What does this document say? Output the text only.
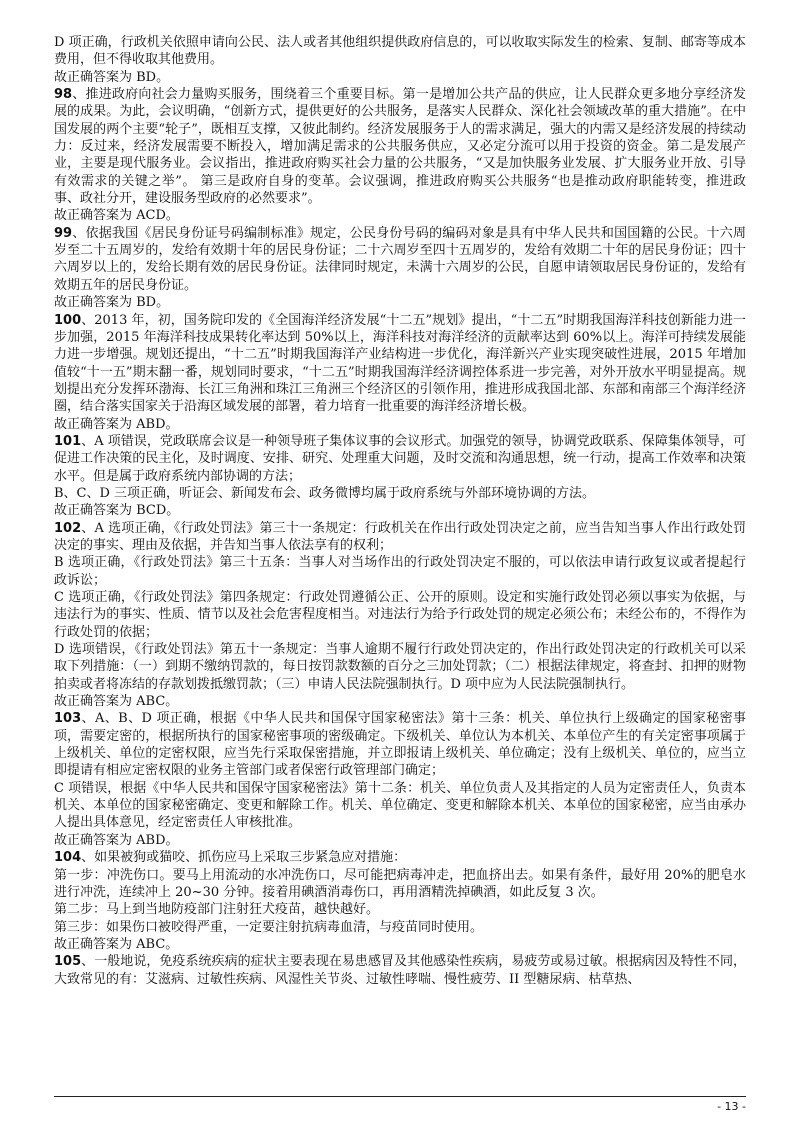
D 项正确，行政机关依照申请向公民、法人或者其他组织提供政府信息的，可以收取实际发生的检索、复制、邮寄等成本费用，但不得收取其他费用。

故正确答案为 BD。

98、推进政府向社会力量购买服务，围绕着三个重要目标。第一是增加公共产品的供应，让人民群众更多地分享经济发展的成果。为此，会议明确，“创新方式，提供更好的公共服务，是落实人民群众、深化社会领域改革的重大措施”。在中国发展的两个主要“轮子”，既相互支撑，又彼此制约。经济发展服务于人的需求满足，强大的内需又是经济发展的持续动力：反过来，经济发展需要不断投入，增加满足需求的公共服务供应，又必定分流可以用于投资的资金。第二是发展产业，主要是现代服务业。会议指出，推进政府购买社会力量的公共服务，“又是加快服务业发展、扩大服务业开放、引导有效需求的关键之举”。 第三是政府自身的变革。会议强调，推进政府购买公共服务“也是推动政府职能转变，推进政事、政社分开，建设服务型政府的必然要求”。

故正确答案为 ACD。

99、依据我国《居民身份证号码编制标准》规定，公民身份号码的编码对象是具有中华人民共和国国籍的公民。十六周岁至二十五周岁的，发给有效期十年的居民身份证；二十六周岁至四十五周岁的，发给有效期二十年的居民身份证；四十六周岁以上的，发给长期有效的居民身份证。法律同时规定，未满十六周岁的公民，自愿申请领取居民身份证的，发给有效期五年的居民身份证。

故正确答案为 BD。

100、2013 年，初，国务院印发的《全国海洋经济发展“十二五”规划》提出，“十二五”时期我国海洋科技创新能力进一步加强，2015 年海洋科技成果转化率达到 50%以上，海洋科技对海洋经济的贡献率达到 60%以上。海洋可持续发展能力进一步增强。规划还提出，“十二五”时期我国海洋产业结构进一步优化，海洋新兴产业实现突破性进展，2015 年增加值较“十一五”期末翻一番，规划同时要求，“十二五”时期我国海洋经济调控体系进一步完善，对外开放水平明显提高。规划提出充分发挥环渤海、长江三角洲和珠江三角洲三个经济区的引领作用，推进形成我国北部、东部和南部三个海洋经济圈，结合落实国家关于沿海区域发展的部署，着力培育一批重要的海洋经济增长极。

故正确答案为 ABD。

101、A 项错误，党政联席会议是一种领导班子集体议事的会议形式。加强党的领导，协调党政联系、保障集体领导，可促进工作决策的民主化，及时调度、安排、研究、处理重大问题，及时交流和沟通思想，统一行动，提高工作效率和决策水平。但是属于政府系统内部协调的方法；

B、C、D 三项正确，听证会、新闻发布会、政务微博均属于政府系统与外部环境协调的方法。

故正确答案为 BCD。

102、A 选项正确，《行政处罚法》第三十一条规定：行政机关在作出行政处罚决定之前，应当告知当事人作出行政处罚决定的事实、理由及依据，并告知当事人依法享有的权利；

B 选项正确，《行政处罚法》第三十五条：当事人对当场作出的行政处罚决定不服的，可以依法申请行政复议或者提起行政诉讼；

C 选项正确，《行政处罚法》第四条规定：行政处罚遵循公正、公开的原则。设定和实施行政处罚必须以事实为依据，与违法行为的事实、性质、情节以及社会危害程度相当。对违法行为给予行政处罚的规定必须公布；未经公布的，不得作为行政处罚的依据；

D 选项错误，《行政处罚法》第五十一条规定：当事人逾期不履行行政处罚决定的，作出行政处罚决定的行政机关可以采取下列措施：（一）到期不缴纳罚款的，每日按罚款数额的百分之三加处罚款；（二）根据法律规定，将查封、扣押的财物拍卖或者将冻结的存款划拨抵缴罚款；（三）申请人民法院强制执行。D 项中应为人民法院强制执行。

故正确答案为 ABC。

103、A、B、D 项正确，根据《中华人民共和国保守国家秘密法》第十三条：机关、单位执行上级确定的国家秘密事项，需要定密的，根据所执行的国家秘密事项的密级确定。下级机关、单位认为本机关、本单位产生的有关定密事项属于上级机关、单位的定密权限，应当先行采取保密措施，并立即报请上级机关、单位确定；没有上级机关、单位的，应当立即提请有相应定密权限的业务主管部门或者保密行政管理部门确定；

C 项错误，根据《中华人民共和国保守国家秘密法》第十二条：机关、单位负责人及其指定的人员为定密责任人，负责本机关、本单位的国家秘密确定、变更和解除工作。机关、单位确定、变更和解除本机关、本单位的国家秘密，应当由承办人提出具体意见，经定密责任人审核批准。

故正确答案为 ABD。

104、如果被狗或猫咬、抓伤应马上采取三步紧急应对措施：

第一步：冲洗伤口。要马上用流动的水冲洗伤口，尽可能把病毒冲走，把血挤出去。如果有条件，最好用 20%的肥皂水进行冲洗，连续冲上 20~30 分钟。接着用碘酒消毒伤口，再用酒精洗掉碘酒，如此反复 3 次。

第二步：马上到当地防疫部门注射狂犬疫苗，越快越好。

第三步：如果伤口被咬得严重，一定要注射抗病毒血清，与疫苗同时使用。

故正确答案为 ABC。

105、一般地说，免疫系统疾病的症状主要表现在易患感冒及其他感染性疾病，易疲劳或易过敏。根据病因及特性不同，大致常见的有：艾滋病、过敏性疾病、风湿性关节炎、过敏性哮喘、慢性疲劳、II 型糖尿病、枯草热、

- 13 -
